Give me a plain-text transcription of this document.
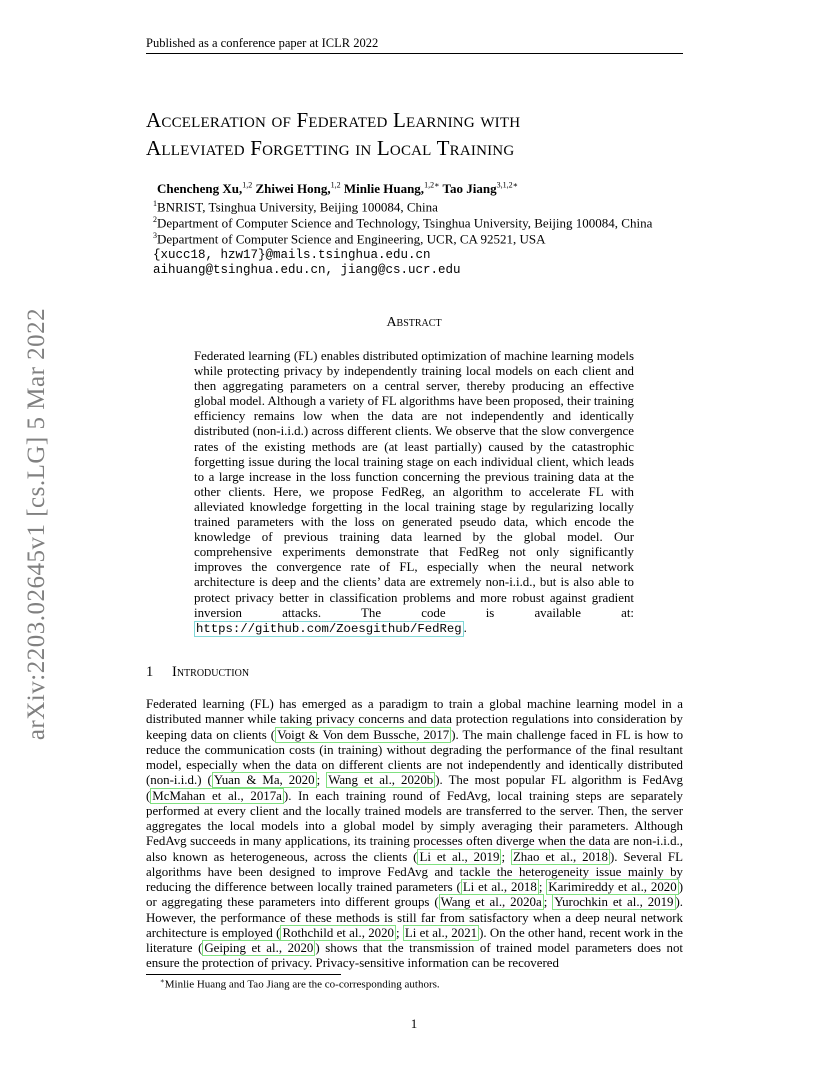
arXiv:2203.02645v1 [cs.LG] 5 Mar 2022
Published as a conference paper at ICLR 2022
Acceleration of Federated Learning with
Alleviated Forgetting in Local Training
Chencheng Xu,$^{1,2}$ Zhiwei Hong,$^{1,2}$ Minlie Huang,$^{1,2∗}$ Tao Jiang$^{3,1,2∗}$
$^1$BNRIST, Tsinghua University, Beijing 100084, China
$^2$Department of Computer Science and Technology, Tsinghua University, Beijing 100084, China
$^3$Department of Computer Science and Engineering, UCR, CA 92521, USA
{xucc18, hzw17}@mails.tsinghua.edu.cn
aihuang@tsinghua.edu.cn, jiang@cs.ucr.edu
Abstract
Federated learning (FL) enables distributed optimization of machine learning models while protecting privacy by independently training local models on each client and then aggregating parameters on a central server, thereby producing an effective global model. Although a variety of FL algorithms have been proposed, their training efficiency remains low when the data are not independently and identically distributed (non-i.i.d.) across different clients. We observe that the slow convergence rates of the existing methods are (at least partially) caused by the catastrophic forgetting issue during the local training stage on each individual client, which leads to a large increase in the loss function concerning the previous training data at the other clients. Here, we propose FedReg, an algorithm to accelerate FL with alleviated knowledge forgetting in the local training stage by regularizing locally trained parameters with the loss on generated pseudo data, which encode the knowledge of previous training data learned by the global model. Our comprehensive experiments demonstrate that FedReg not only significantly improves the convergence rate of FL, especially when the neural network architecture is deep and the clients’ data are extremely non-i.i.d., but is also able to protect privacy better in classification problems and more robust against gradient inversion attacks. The code is available at: https://github.com/Zoesgithub/FedReg .
1 Introduction
Federated learning (FL) has emerged as a paradigm to train a global machine learning model in a distributed manner while taking privacy concerns and data protection regulations into consideration by keeping data on clients ( Voigt & Von dem Bussche, 2017 ). The main challenge faced in FL is how to reduce the communication costs (in training) without degrading the performance of the final resultant model, especially when the data on different clients are not independently and identically distributed (non-i.i.d.) ( Yuan & Ma, 2020 ; Wang et al., 2020b ). The most popular FL algorithm is FedAvg ( McMahan et al., 2017a ). In each training round of FedAvg, local training steps are separately performed at every client and the locally trained models are transferred to the server. Then, the server aggregates the local models into a global model by simply averaging their parameters. Although FedAvg succeeds in many applications, its training processes often diverge when the data are non-i.i.d., also known as heterogeneous, across the clients ( Li et al., 2019 ; Zhao et al., 2018 ). Several FL algorithms have been designed to improve FedAvg and tackle the heterogeneity issue mainly by reducing the difference between locally trained parameters ( Li et al., 2018 ; Karimireddy et al., 2020 ) or aggregating these parameters into different groups ( Wang et al., 2020a ; Yurochkin et al., 2019 ). However, the performance of these methods is still far from satisfactory when a deep neural network architecture is employed ( Rothchild et al., 2020 ; Li et al., 2021 ). On the other hand, recent work in the literature ( Geiping et al., 2020 ) shows that the transmission of trained model parameters does not ensure the protection of privacy. Privacy-sensitive information can be recovered
∗Minlie Huang and Tao Jiang are the co-corresponding authors.
1
